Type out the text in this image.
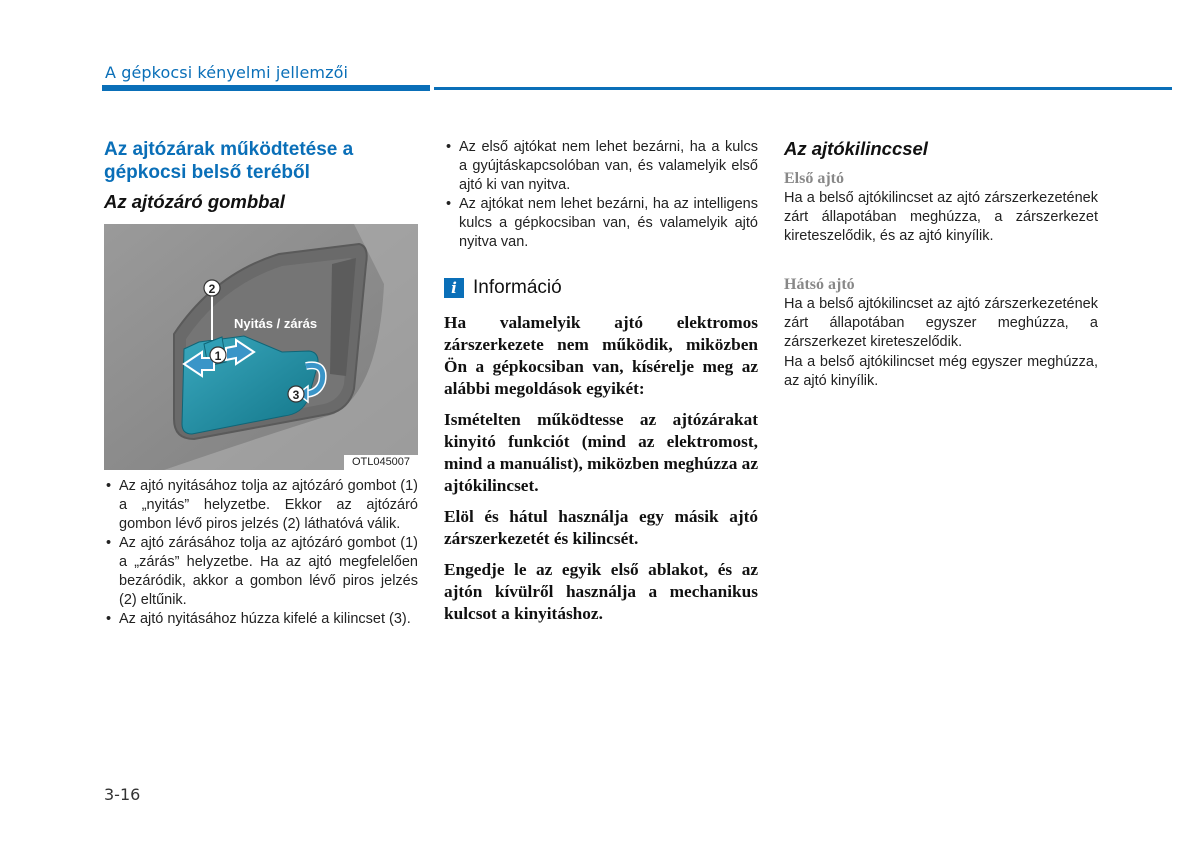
A gépkocsi kényelmi jellemzői
Az ajtózárak működtetése a gépkocsi belső teréből
Az ajtózáró gombbal
2
1
3
Nyitás / zárás
OTL045007
• Az ajtó nyitásához tolja az ajtózáró gombot (1) a „nyitás” helyzetbe. Ekkor az ajtózáró gombon lévő piros jelzés (2) láthatóvá válik.
• Az ajtó zárásához tolja az ajtózáró gombot (1) a „zárás” helyzetbe. Ha az ajtó megfelelően bezáródik, akkor a gombon lévő piros jelzés (2) eltűnik.
• Az ajtó nyitásához húzza kifelé a kilincset (3).
• Az első ajtókat nem lehet bezárni, ha a kulcs a gyújtáskapcsolóban van, és valamelyik első ajtó ki van nyitva.
• Az ajtókat nem lehet bezárni, ha az intelligens kulcs a gépkocsiban van, és valamelyik ajtó nyitva van.
i Információ

Ha valamelyik ajtó elektromos zárszerkezete nem működik, miközben Ön a gépkocsiban van, kísérelje meg az alábbi megoldások egyikét:

Ismételten működtesse az ajtózárakat kinyitó funkciót (mind az elektromost, mind a manuálist), miközben meghúzza az ajtókilincset.

Elöl és hátul használja egy másik ajtó zárszerkezetét és kilincsét.

Engedje le az egyik első ablakot, és az ajtón kívülről használja a mechanikus kulcsot a kinyitáshoz.

Az ajtókilinccsel
Első ajtó

Ha a belső ajtókilincset az ajtó zárszerkezetének zárt állapotában meghúzza, a zárszerkezet kireteszelődik, és az ajtó kinyílik.

Hátsó ajtó

Ha a belső ajtókilincset az ajtó zárszerkezetének zárt állapotában egyszer meghúzza, a zárszerkezet kireteszelődik.

Ha a belső ajtókilincset még egyszer meghúzza, az ajtó kinyílik.

3-16
